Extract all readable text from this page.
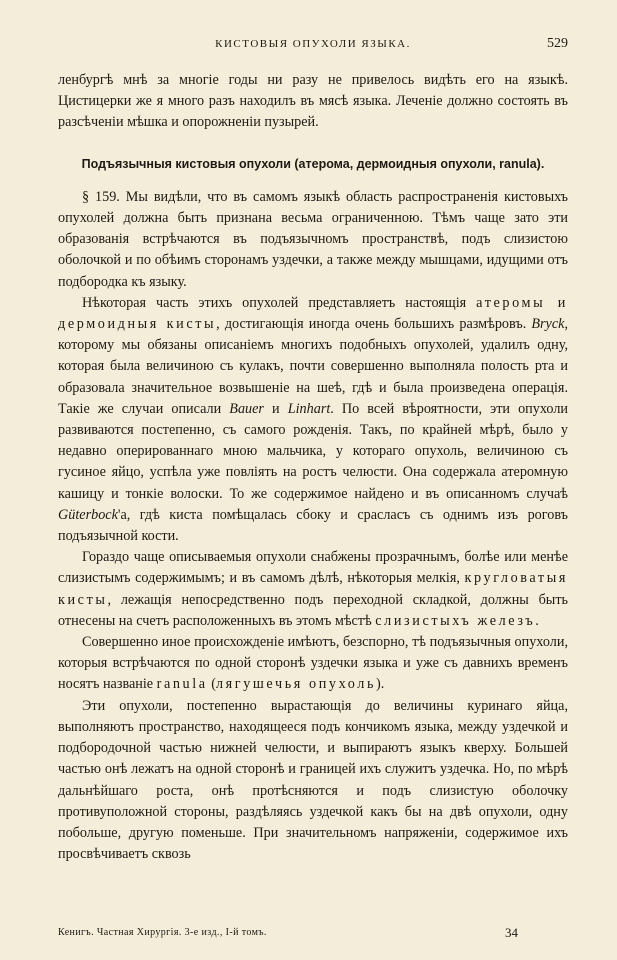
КИСТОВЫЯ ОПУХОЛИ ЯЗЫКА.	529

ленбургѣ мнѣ за многіе годы ни разу не привелось видѣть его на языкѣ. Цистицерки же я много разъ находилъ въ мясѣ языка. Леченіе должно состоять въ разсѣченіи мѣшка и опорожненіи пузырей.

Подъязычныя кистовыя опухоли (атерома, дермоидныя опухоли, ranula).

§ 159. Мы видѣли, что въ самомъ языкѣ область распространенія кистовыхъ опухолей должна быть признана весьма ограниченною. Тѣмъ чаще зато эти образованія встрѣчаются въ подъязычномъ пространствѣ, подъ слизистою оболочкой и по обѣимъ сторонамъ уздечки, а также между мышцами, идущими отъ подбородка къ языку.

Нѣкоторая часть этихъ опухолей представляетъ настоящія атеромы и дермоидныя кисты, достигающія иногда очень большихъ размѣровъ. Bryck, которому мы обязаны описаніемъ многихъ подобныхъ опухолей, удалилъ одну, которая была величиною съ кулакъ, почти совершенно выполняла полость рта и образовала значительное возвышеніе на шеѣ, гдѣ и была произведена операція. Такіе же случаи описали Bauer и Linhart. По всей вѣроятности, эти опухоли развиваются постепенно, съ самого рожденія. Такъ, по крайней мѣрѣ, было у недавно оперированнаго мною мальчика, у котораго опухоль, величиною съ гусиное яйцо, успѣла уже повліять на ростъ челюсти. Она содержала атеромную кашицу и тонкіе волоски. То же содержимое найдено и въ описанномъ случаѣ Güterbock'а, гдѣ киста помѣщалась сбоку и срасласъ съ однимъ изъ роговъ подъязычной кости.

Гораздо чаще описываемыя опухоли снабжены прозрачнымъ, болѣе или менѣе слизистымъ содержимымъ; и въ самомъ дѣлѣ, нѣкоторыя мелкія, кругловатыя кисты, лежащія непосредственно подъ переходной складкой, должны быть отнесены на счетъ расположенныхъ въ этомъ мѣстѣ слизистыхъ железъ.

Совершенно иное происхожденіе имѣютъ, безспорно, тѣ подъязычныя опухоли, которыя встрѣчаются по одной сторонѣ уздечки языка и уже съ давнихъ временъ носятъ названіе ranula (лягушечья опухоль).

Эти опухоли, постепенно вырастающія до величины куринаго яйца, выполняютъ пространство, находящееся подъ кончикомъ языка, между уздечкой и подбородочной частью нижней челюсти, и выпираютъ языкъ кверху. Большей частью онѣ лежатъ на одной сторонѣ и границей ихъ служитъ уздечка. Но, по мѣрѣ дальнѣйшаго роста, онѣ протѣсняются и подъ слизистую оболочку противуположной стороны, раздѣляясь уздечкой какъ бы на двѣ опухоли, одну побольше, другую поменьше. При значительномъ напряженіи, содержимое ихъ просвѣчиваетъ сквозь

Кенигъ. Частная Хирургія. 3-е изд., І-й томъ.	34
